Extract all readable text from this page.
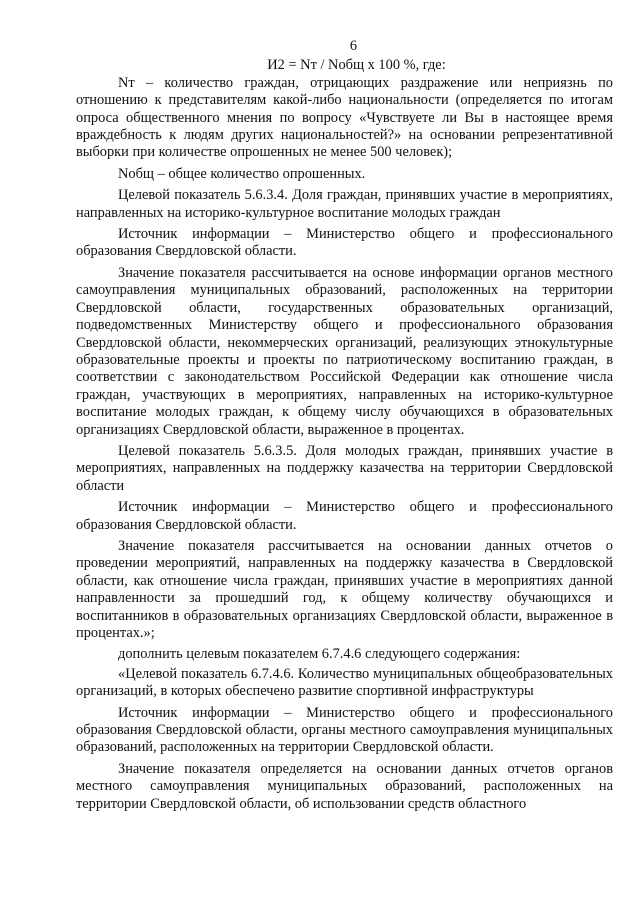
6
И2 = Nт / Nобщ x 100 %, где:
Nт – количество граждан, отрицающих раздражение или неприязнь по отношению к представителям какой-либо национальности (определяется по итогам опроса общественного мнения по вопросу «Чувствуете ли Вы в настоящее время враждебность к людям других национальностей?» на основании репрезентативной выборки при количестве опрошенных не менее 500 человек);
Nобщ – общее количество опрошенных.
Целевой показатель 5.6.3.4. Доля граждан, принявших участие в мероприятиях, направленных на историко-культурное воспитание молодых граждан
Источник информации – Министерство общего и профессионального образования Свердловской области.
Значение показателя рассчитывается на основе информации органов местного самоуправления муниципальных образований, расположенных на территории Свердловской области, государственных образовательных организаций, подведомственных Министерству общего и профессионального образования Свердловской области, некоммерческих организаций, реализующих этнокультурные образовательные проекты и проекты по патриотическому воспитанию граждан, в соответствии с законодательством Российской Федерации как отношение числа граждан, участвующих в мероприятиях, направленных на историко-культурное воспитание молодых граждан, к общему числу обучающихся в образовательных организациях Свердловской области, выраженное в процентах.
Целевой показатель 5.6.3.5. Доля молодых граждан, принявших участие в мероприятиях, направленных на поддержку казачества на территории Свердловской области
Источник информации – Министерство общего и профессионального образования Свердловской области.
Значение показателя рассчитывается на основании данных отчетов о проведении мероприятий, направленных на поддержку казачества в Свердловской области, как отношение числа граждан, принявших участие в мероприятиях данной направленности за прошедший год, к общему количеству обучающихся и воспитанников в образовательных организациях Свердловской области, выраженное в процентах.»;
дополнить целевым показателем 6.7.4.6 следующего содержания:
«Целевой показатель 6.7.4.6. Количество муниципальных общеобразовательных организаций, в которых обеспечено развитие спортивной инфраструктуры
Источник информации – Министерство общего и профессионального образования Свердловской области, органы местного самоуправления муниципальных образований, расположенных на территории Свердловской области.
Значение показателя определяется на основании данных отчетов органов местного самоуправления муниципальных образований, расположенных на территории Свердловской области, об использовании средств областного
